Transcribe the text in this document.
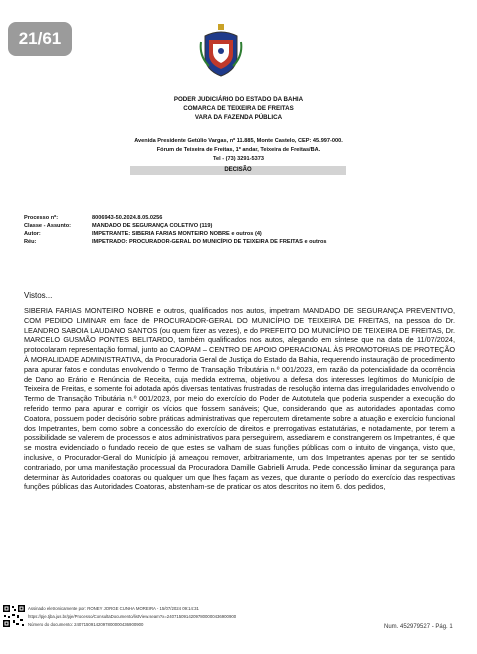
21/61
PODER JUDICIÁRIO DO ESTADO DA BAHIA
COMARCA DE TEIXEIRA DE FREITAS
VARA DA FAZENDA PÚBLICA
Avenida Presidente Getúlio Vargas, nº 11.885, Monte Castelo, CEP: 45.997-000.
Fórum de Teixeira de Freitas, 1º andar, Teixeira de Freitas/BA.
Tel - (73) 3291-5373
DECISÃO
Processo nº:	8006943-50.2024.8.05.0256
Classe - Assunto:	MANDADO DE SEGURANÇA COLETIVO (119)
Autor:	IMPETRANTE: SIBERIA FARIAS MONTEIRO NOBRE e outros (4)
Réu:	IMPETRADO: PROCURADOR-GERAL DO MUNICÍPIO DE TEIXEIRA DE FREITAS e outros
Vistos...

SIBERIA FARIAS MONTEIRO NOBRE e outros, qualificados nos autos, impetram MANDADO DE SEGURANÇA PREVENTIVO, COM PEDIDO LIMINAR em face de PROCURADOR-GERAL DO MUNICÍPIO DE TEIXEIRA DE FREITAS, na pessoa do Dr. LEANDRO SABOIA LAUDANO SANTOS (ou quem fizer as vezes), e do PREFEITO DO MUNICÍPIO DE TEIXEIRA DE FREITAS, Dr. MARCELO GUSMÃO PONTES BELITARDO, também qualificados nos autos, alegando em síntese que na data de 11/07/2024, protocolaram representação formal, junto ao CAOPAM – CENTRO DE APOIO OPERACIONAL ÀS PROMOTORIAS DE PROTEÇÃO À MORALIDADE ADMINISTRATIVA, da Procuradoria Geral de Justiça do Estado da Bahia, requerendo instauração de procedimento para apurar fatos e condutas envolvendo o Termo de Transação Tributária n.º 001/2023, em razão da potencialidade da ocorrência de Dano ao Erário e Renúncia de Receita, cuja medida extrema, objetivou a defesa dos interesses legítimos do Município de Teixeira de Freitas, e somente foi adotada após diversas tentativas frustradas de resolução interna das irregularidades envolvendo o Termo de Transação Tributária n.º 001/2023, por meio do exercício do Poder de Autotutela que poderia suspender a execução do referido termo para apurar e corrigir os vícios que fossem sanáveis; Que, considerando que as autoridades apontadas como Coatora, possuem poder decisório sobre práticas administrativas que repercutem diretamente sobre a atuação e exercício funcional dos Impetrantes, bem como sobre a concessão do exercício de direitos e prerrogativas estatutárias, e notadamente, por terem a possibilidade se valerem de processos e atos administrativos para perseguirem, assediarem e constrangerem os Impetrantes, é que se mostra evidenciado o fundado receio de que estes se valham de suas funções públicas com o intuito de vingança, visto que, inclusive, o Procurador-Geral do Município já ameaçou remover, arbitrariamente, um dos Impetrantes apenas por ter se sentido contrariado, por uma manifestação processual da Procuradora Damille Gabrielli Arruda. Pede concessão liminar da segurança para determinar às Autoridades coatoras ou qualquer um que lhes façam as vezes, que durante o período do exercício das respectivas funções públicas das Autoridades Coatoras, abstenham-se de praticar os atos descritos no item 6. dos pedidos,

Assinado eletronicamente por: RONEY JORGE CUNHA MOREIRA - 15/07/2024 09:14:31
https://pje.tjba.jus.br/pje/Processo/ConsultaDocumento/listView.seam?x=24071509142097800000436900900
Número do documento: 24071509142097800000436900900	Num. 452979527 - Pág. 1
